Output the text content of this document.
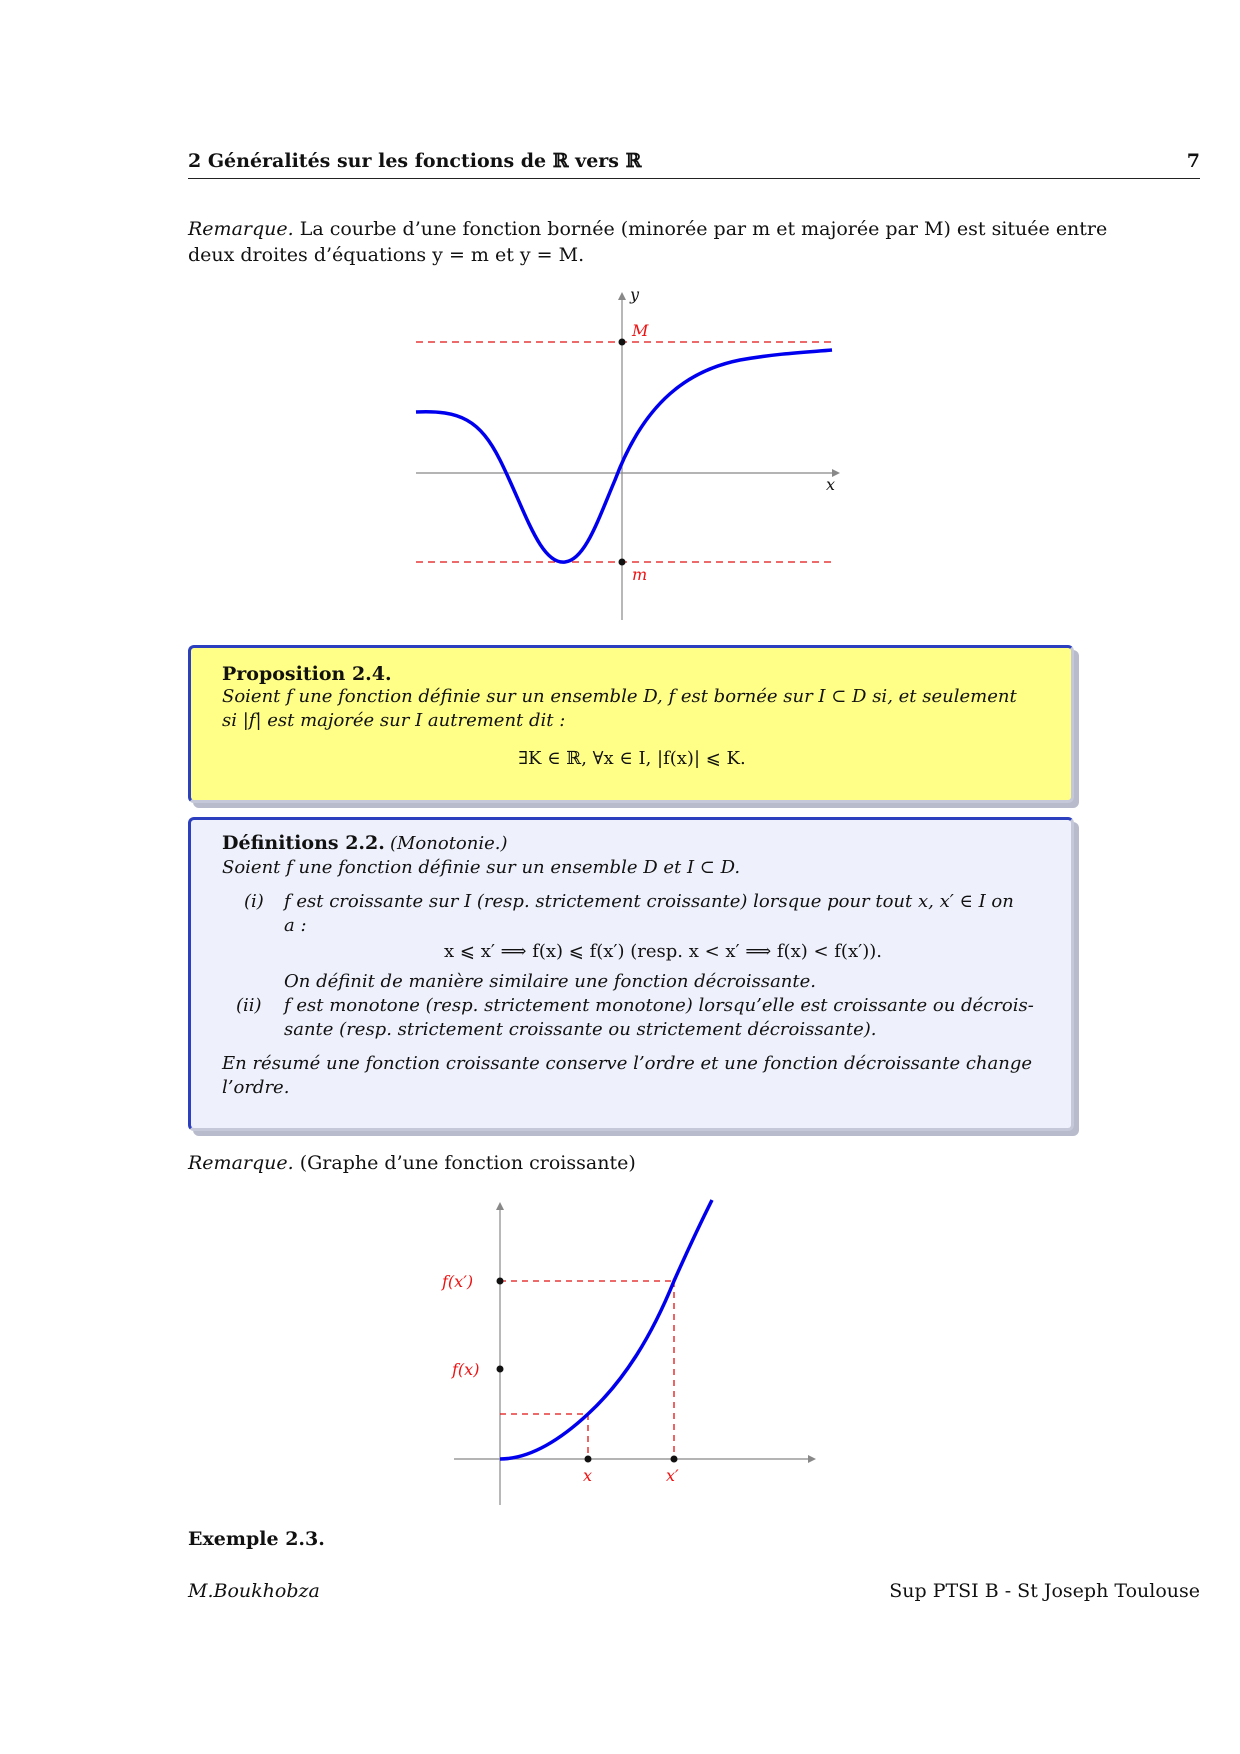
2 Généralités sur les fonctions de ℝ vers ℝ	7
Remarque. La courbe d’une fonction bornée (minorée par m et majorée par M) est située entre
deux droites d’équations y = m et y = M.
M
m
y
x
Proposition 2.4.
Soient f une fonction définie sur un ensemble D, f est bornée sur I ⊂ D si, et seulement
si |f| est majorée sur I autrement dit :
∃K ∈ ℝ, ∀x ∈ I, |f(x)| ⩽ K.
Définitions 2.2. (Monotonie.)
Soient f une fonction définie sur un ensemble D et I ⊂ D.
(i) f est croissante sur I (resp. strictement croissante) lorsque pour tout x, x′ ∈ I on
a :
x ⩽ x′ ⟹ f(x) ⩽ f(x′) (resp. x < x′ ⟹ f(x) < f(x′)).
On définit de manière similaire une fonction décroissante.
(ii) f est monotone (resp. strictement monotone) lorsqu’elle est croissante ou décrois-
sante (resp. strictement croissante ou strictement décroissante).
En résumé une fonction croissante conserve l’ordre et une fonction décroissante change
l’ordre.
Remarque. (Graphe d’une fonction croissante)
f(x′)
f(x)
x	x′
Exemple 2.3.
M.Boukhobza	Sup PTSI B - St Joseph Toulouse
